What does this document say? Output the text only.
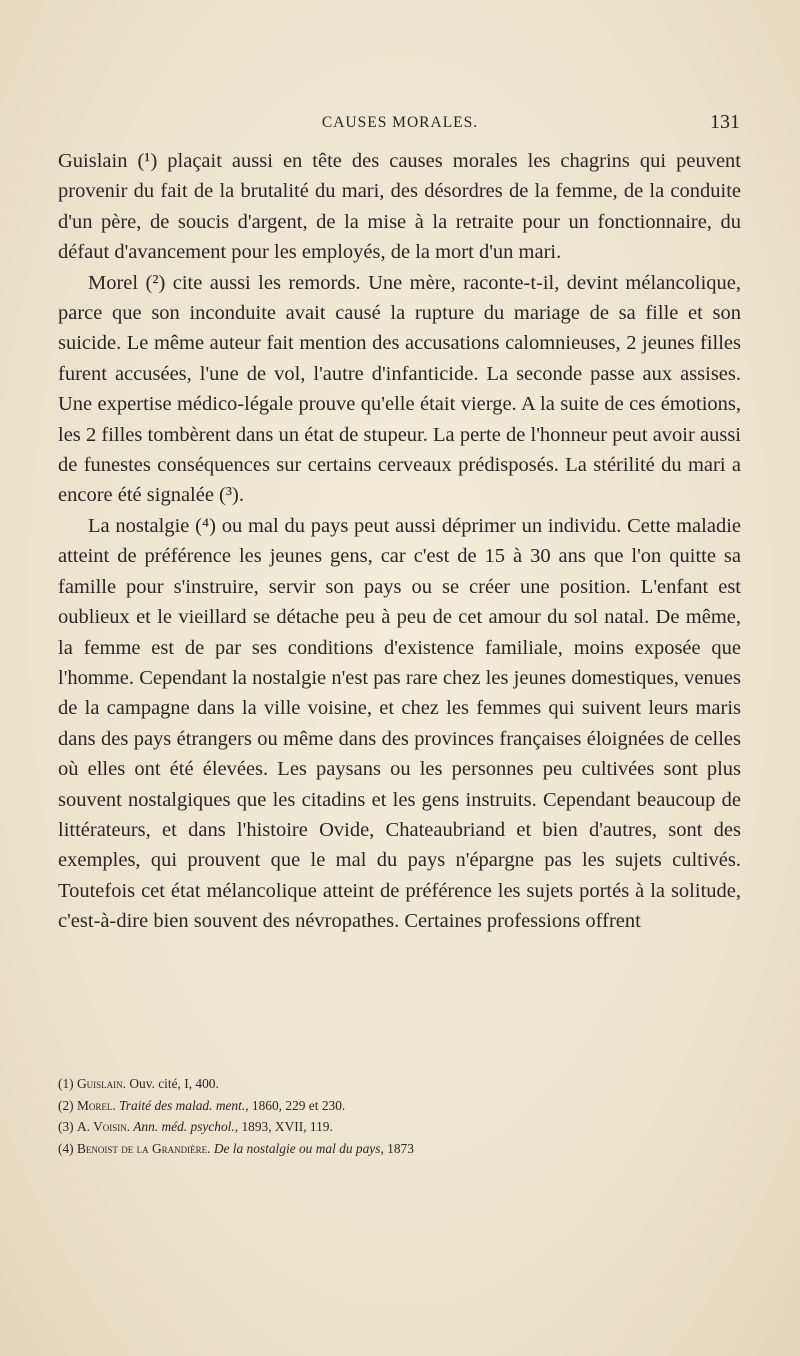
CAUSES MORALES.	131

Guislain (¹) plaçait aussi en tête des causes morales les chagrins qui peuvent provenir du fait de la brutalité du mari, des désordres de la femme, de la conduite d'un père, de soucis d'argent, de la mise à la retraite pour un fonctionnaire, du défaut d'avancement pour les employés, de la mort d'un mari.

Morel (²) cite aussi les remords. Une mère, raconte-t-il, devint mélancolique, parce que son inconduite avait causé la rupture du mariage de sa fille et son suicide. Le même auteur fait mention des accusations calomnieuses, 2 jeunes filles furent accusées, l'une de vol, l'autre d'infanticide. La seconde passe aux assises. Une expertise médico-légale prouve qu'elle était vierge. A la suite de ces émotions, les 2 filles tombèrent dans un état de stupeur. La perte de l'honneur peut avoir aussi de funestes conséquences sur certains cerveaux prédisposés. La stérilité du mari a encore été signalée (³).

La nostalgie (⁴) ou mal du pays peut aussi déprimer un individu. Cette maladie atteint de préférence les jeunes gens, car c'est de 15 à 30 ans que l'on quitte sa famille pour s'instruire, servir son pays ou se créer une position. L'enfant est oublieux et le vieillard se détache peu à peu de cet amour du sol natal. De même, la femme est de par ses conditions d'existence familiale, moins exposée que l'homme. Cependant la nostalgie n'est pas rare chez les jeunes domestiques, venues de la campagne dans la ville voisine, et chez les femmes qui suivent leurs maris dans des pays étrangers ou même dans des provinces françaises éloignées de celles où elles ont été élevées. Les paysans ou les personnes peu cultivées sont plus souvent nostalgiques que les citadins et les gens instruits. Cependant beaucoup de littérateurs, et dans l'histoire Ovide, Chateaubriand et bien d'autres, sont des exemples, qui prouvent que le mal du pays n'épargne pas les sujets cultivés. Toutefois cet état mélancolique atteint de préférence les sujets portés à la solitude, c'est-à-dire bien souvent des névropathes. Certaines professions offrent

(1) Guislain. Ouv. cité, I, 400.
(2) Morel. Traité des malad. ment., 1860, 229 et 230.
(3) A. Voisin. Ann. méd. psychol., 1893, XVII, 119.
(4) Benoist de la Grandière. De la nostalgie ou mal du pays, 1873
